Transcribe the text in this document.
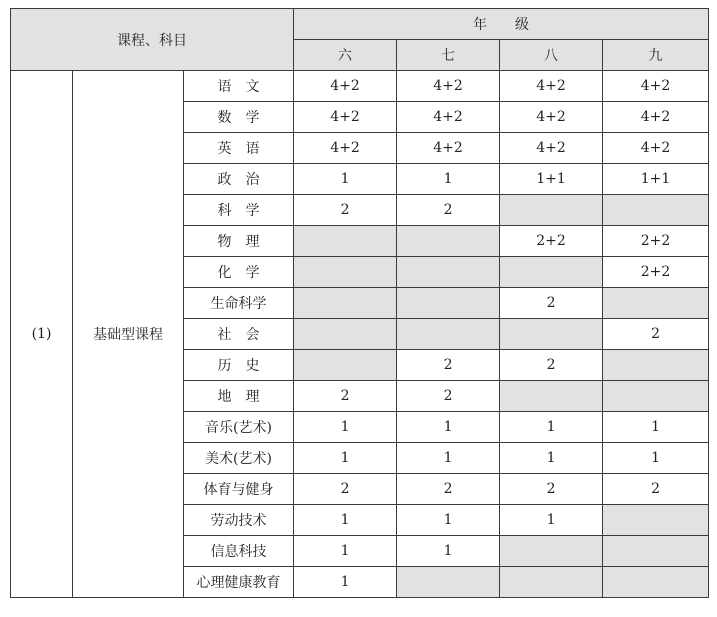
课程、科目			年　　级			
			六	七	八	九
(1)	基础型课程	语　文	4+2	4+2	4+2	4+2
		数　学	4+2	4+2	4+2	4+2
		英　语	4+2	4+2	4+2	4+2
		政　治	1	1	1+1	1+1
		科　学	2	2		
		物　理			2+2	2+2
		化　学				2+2
		生命科学			2	
		社　会				2
		历　史		2	2	
		地　理	2	2		
		音乐(艺术)	1	1	1	1
		美术(艺术)	1	1	1	1
		体育与健身	2	2	2	2
		劳动技术	1	1	1	
		信息科技	1	1		
		心理健康教育	1			
